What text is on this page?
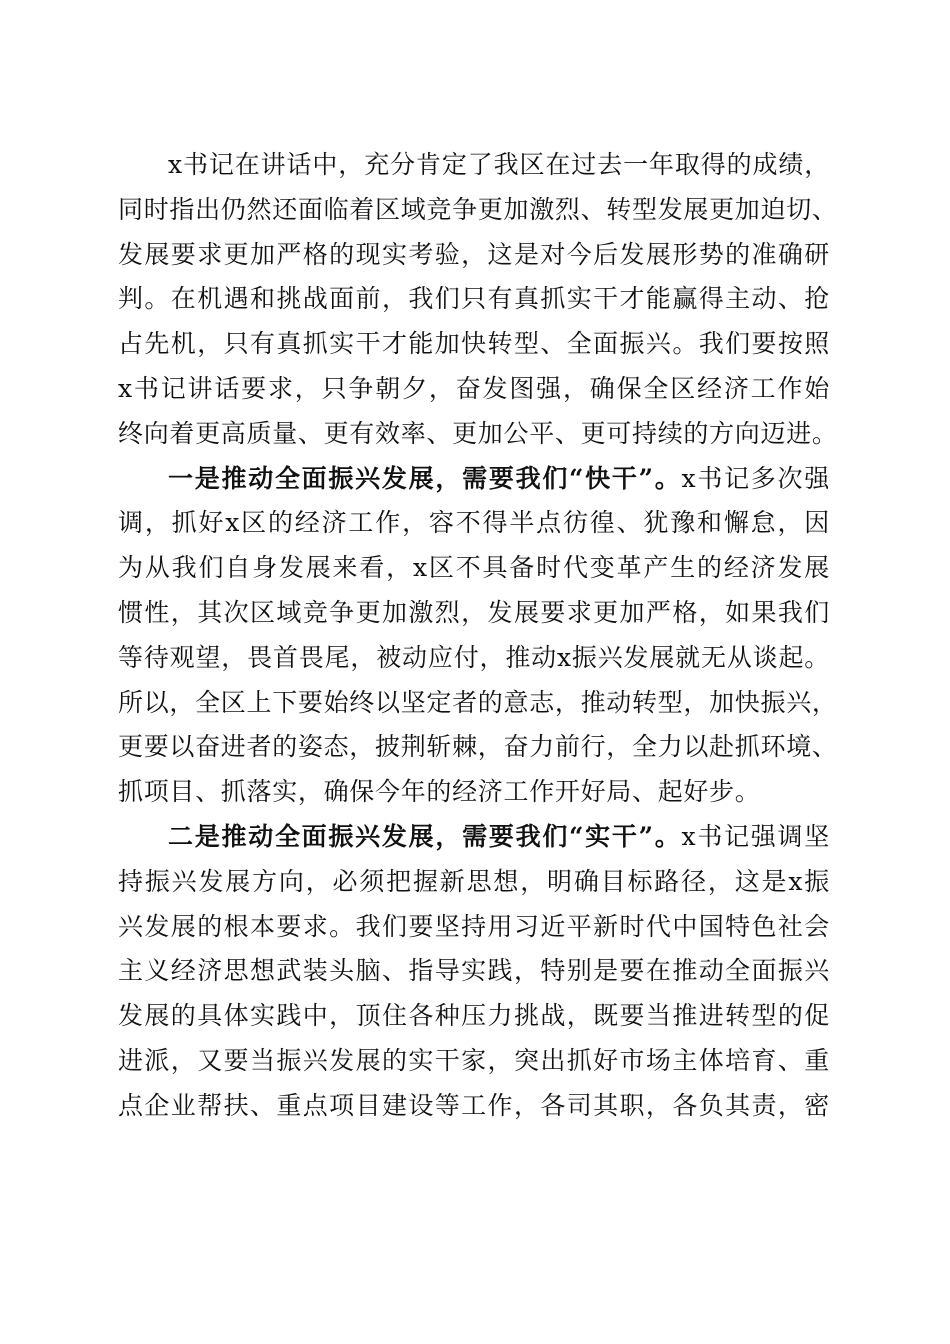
x书记在讲话中，充分肯定了我区在过去一年取得的成绩，
同时指出仍然还面临着区域竞争更加激烈、转型发展更加迫切、
发展要求更加严格的现实考验，这是对今后发展形势的准确研
判。在机遇和挑战面前，我们只有真抓实干才能赢得主动、抢
占先机，只有真抓实干才能加快转型、全面振兴。我们要按照
x书记讲话要求，只争朝夕，奋发图强，确保全区经济工作始
终向着更高质量、更有效率、更加公平、更可持续的方向迈进。
一是推动全面振兴发展，需要我们“快干”。x书记多次强
调，抓好x区的经济工作，容不得半点彷徨、犹豫和懈怠，因
为从我们自身发展来看，x区不具备时代变革产生的经济发展
惯性，其次区域竞争更加激烈，发展要求更加严格，如果我们
等待观望，畏首畏尾，被动应付，推动x振兴发展就无从谈起。
所以，全区上下要始终以坚定者的意志，推动转型，加快振兴，
更要以奋进者的姿态，披荆斩棘，奋力前行，全力以赴抓环境、
抓项目、抓落实，确保今年的经济工作开好局、起好步。
二是推动全面振兴发展，需要我们“实干”。x书记强调坚
持振兴发展方向，必须把握新思想，明确目标路径，这是x振
兴发展的根本要求。我们要坚持用习近平新时代中国特色社会
主义经济思想武装头脑、指导实践，特别是要在推动全面振兴
发展的具体实践中，顶住各种压力挑战，既要当推进转型的促
进派，又要当振兴发展的实干家，突出抓好市场主体培育、重
点企业帮扶、重点项目建设等工作，各司其职，各负其责，密
